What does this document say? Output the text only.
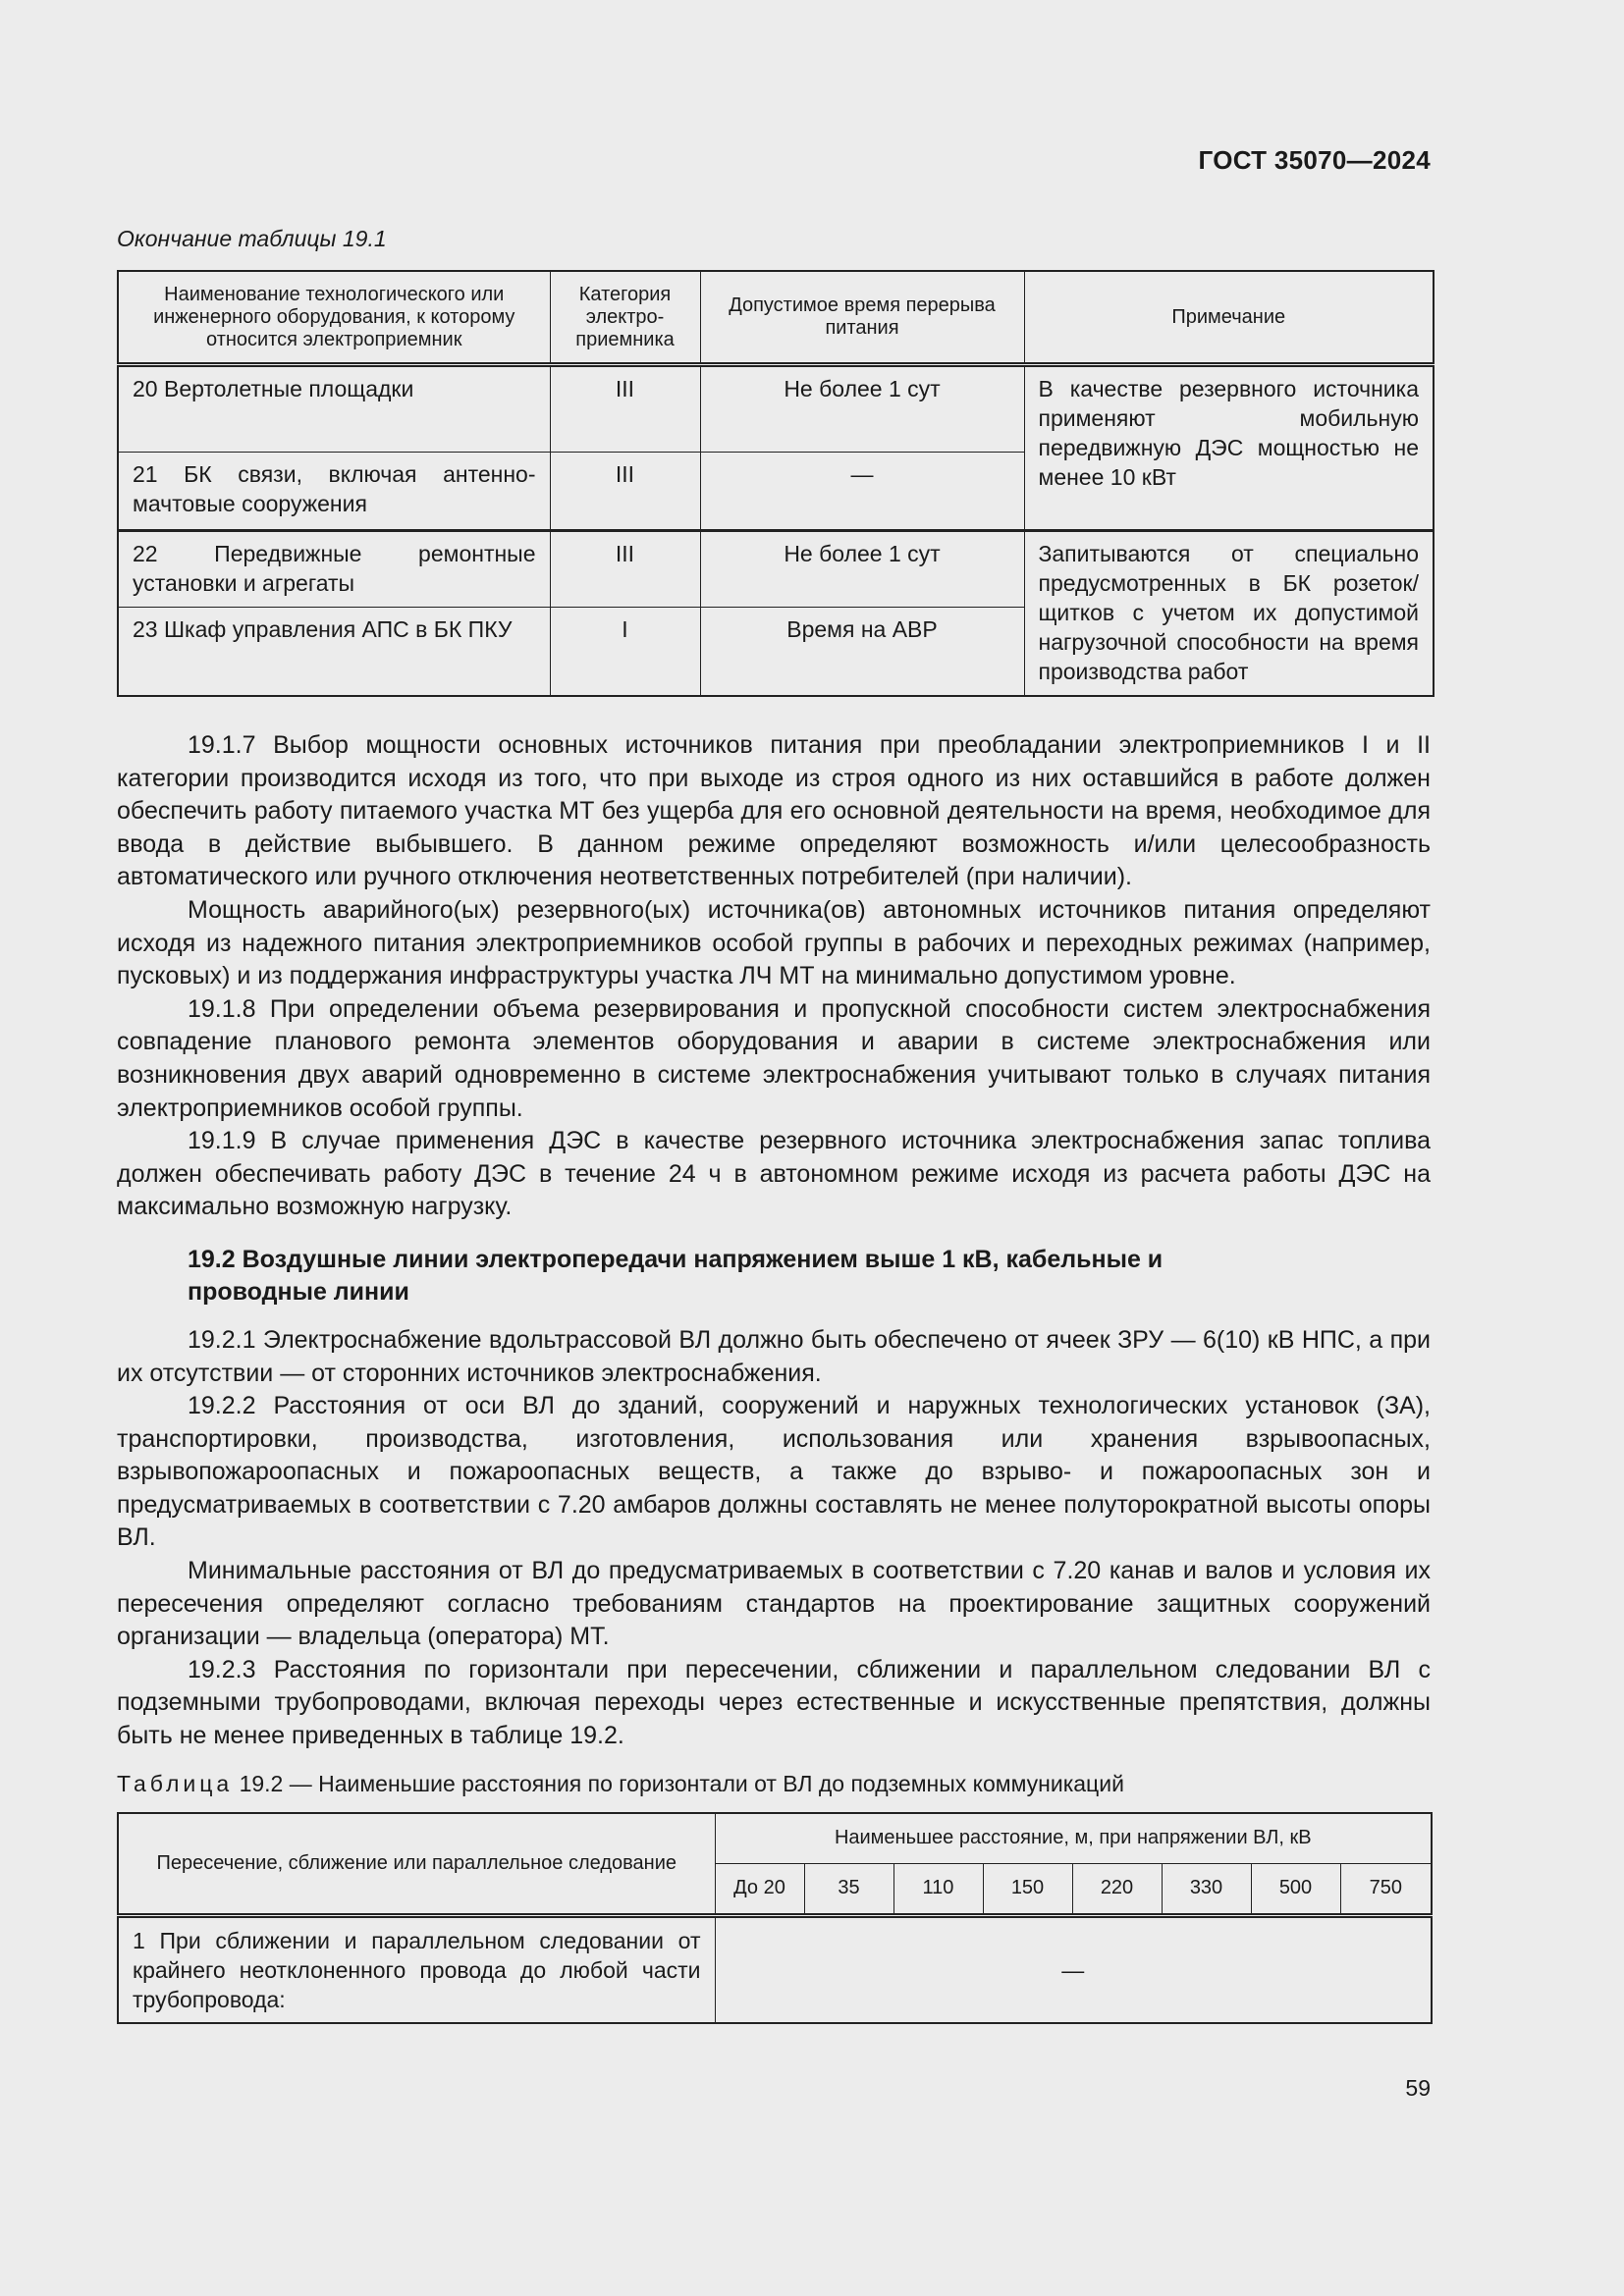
ГОСТ 35070—2024
Окончание таблицы 19.1
Наименование технологического или инженерного оборудования, к которому относится электроприемник	Категория электро-приемника	Допустимое время перерыва питания	Примечание
20 Вертолетные площадки	III	Не более 1 сут	В качестве резервного источника применяют мобильную передвижную ДЭС мощностью не менее 10 кВт
21 БК связи, включая антенно-мачтовые сооружения	III	—	
22 Передвижные ремонтные установки и агрегаты	III	Не более 1 сут	Запитываются от специально предусмотренных в БК розеток/щитков с учетом их допустимой нагрузочной способности на время производства работ
23 Шкаф управления АПС в БК ПКУ	I	Время на АВР	

19.1.7 Выбор мощности основных источников питания при преобладании электроприемников I и II категории производится исходя из того, что при выходе из строя одного из них оставшийся в работе должен обеспечить работу питаемого участка МТ без ущерба для его основной деятельности на время, необходимое для ввода в действие выбывшего. В данном режиме определяют возможность и/или целесообразность автоматического или ручного отключения неответственных потребителей (при наличии).

Мощность аварийного(ых) резервного(ых) источника(ов) автономных источников питания определяют исходя из надежного питания электроприемников особой группы в рабочих и переходных режимах (например, пусковых) и из поддержания инфраструктуры участка ЛЧ МТ на минимально допустимом уровне.

19.1.8 При определении объема резервирования и пропускной способности систем электроснабжения совпадение планового ремонта элементов оборудования и аварии в системе электроснабжения или возникновения двух аварий одновременно в системе электроснабжения учитывают только в случаях питания электроприемников особой группы.

19.1.9 В случае применения ДЭС в качестве резервного источника электроснабжения запас топлива должен обеспечивать работу ДЭС в течение 24 ч в автономном режиме исходя из расчета работы ДЭС на максимально возможную нагрузку.

19.2 Воздушные линии электропередачи напряжением выше 1 кВ, кабельные и проводные линии

19.2.1 Электроснабжение вдольтрассовой ВЛ должно быть обеспечено от ячеек ЗРУ — 6(10) кВ НПС, а при их отсутствии — от сторонних источников электроснабжения.

19.2.2 Расстояния от оси ВЛ до зданий, сооружений и наружных технологических установок (ЗА), транспортировки, производства, изготовления, использования или хранения взрывоопасных, взрывопожароопасных и пожароопасных веществ, а также до взрыво- и пожароопасных зон и предусматриваемых в соответствии с 7.20 амбаров должны составлять не менее полуторократной высоты опоры ВЛ.

Минимальные расстояния от ВЛ до предусматриваемых в соответствии с 7.20 канав и валов и условия их пересечения определяют согласно требованиям стандартов на проектирование защитных сооружений организации — владельца (оператора) МТ.

19.2.3 Расстояния по горизонтали при пересечении, сближении и параллельном следовании ВЛ с подземными трубопроводами, включая переходы через естественные и искусственные препятствия, должны быть не менее приведенных в таблице 19.2.

Таблица 19.2 — Наименьшие расстояния по горизонтали от ВЛ до подземных коммуникаций
Пересечение, сближение или параллельное следование	Наименьшее расстояние, м, при напряжении ВЛ, кВ							
	До 20	35	110	150	220	330	500	750
1 При сближении и параллельном следовании от крайнего неотклоненного провода до любой части трубопровода:	—							
59
